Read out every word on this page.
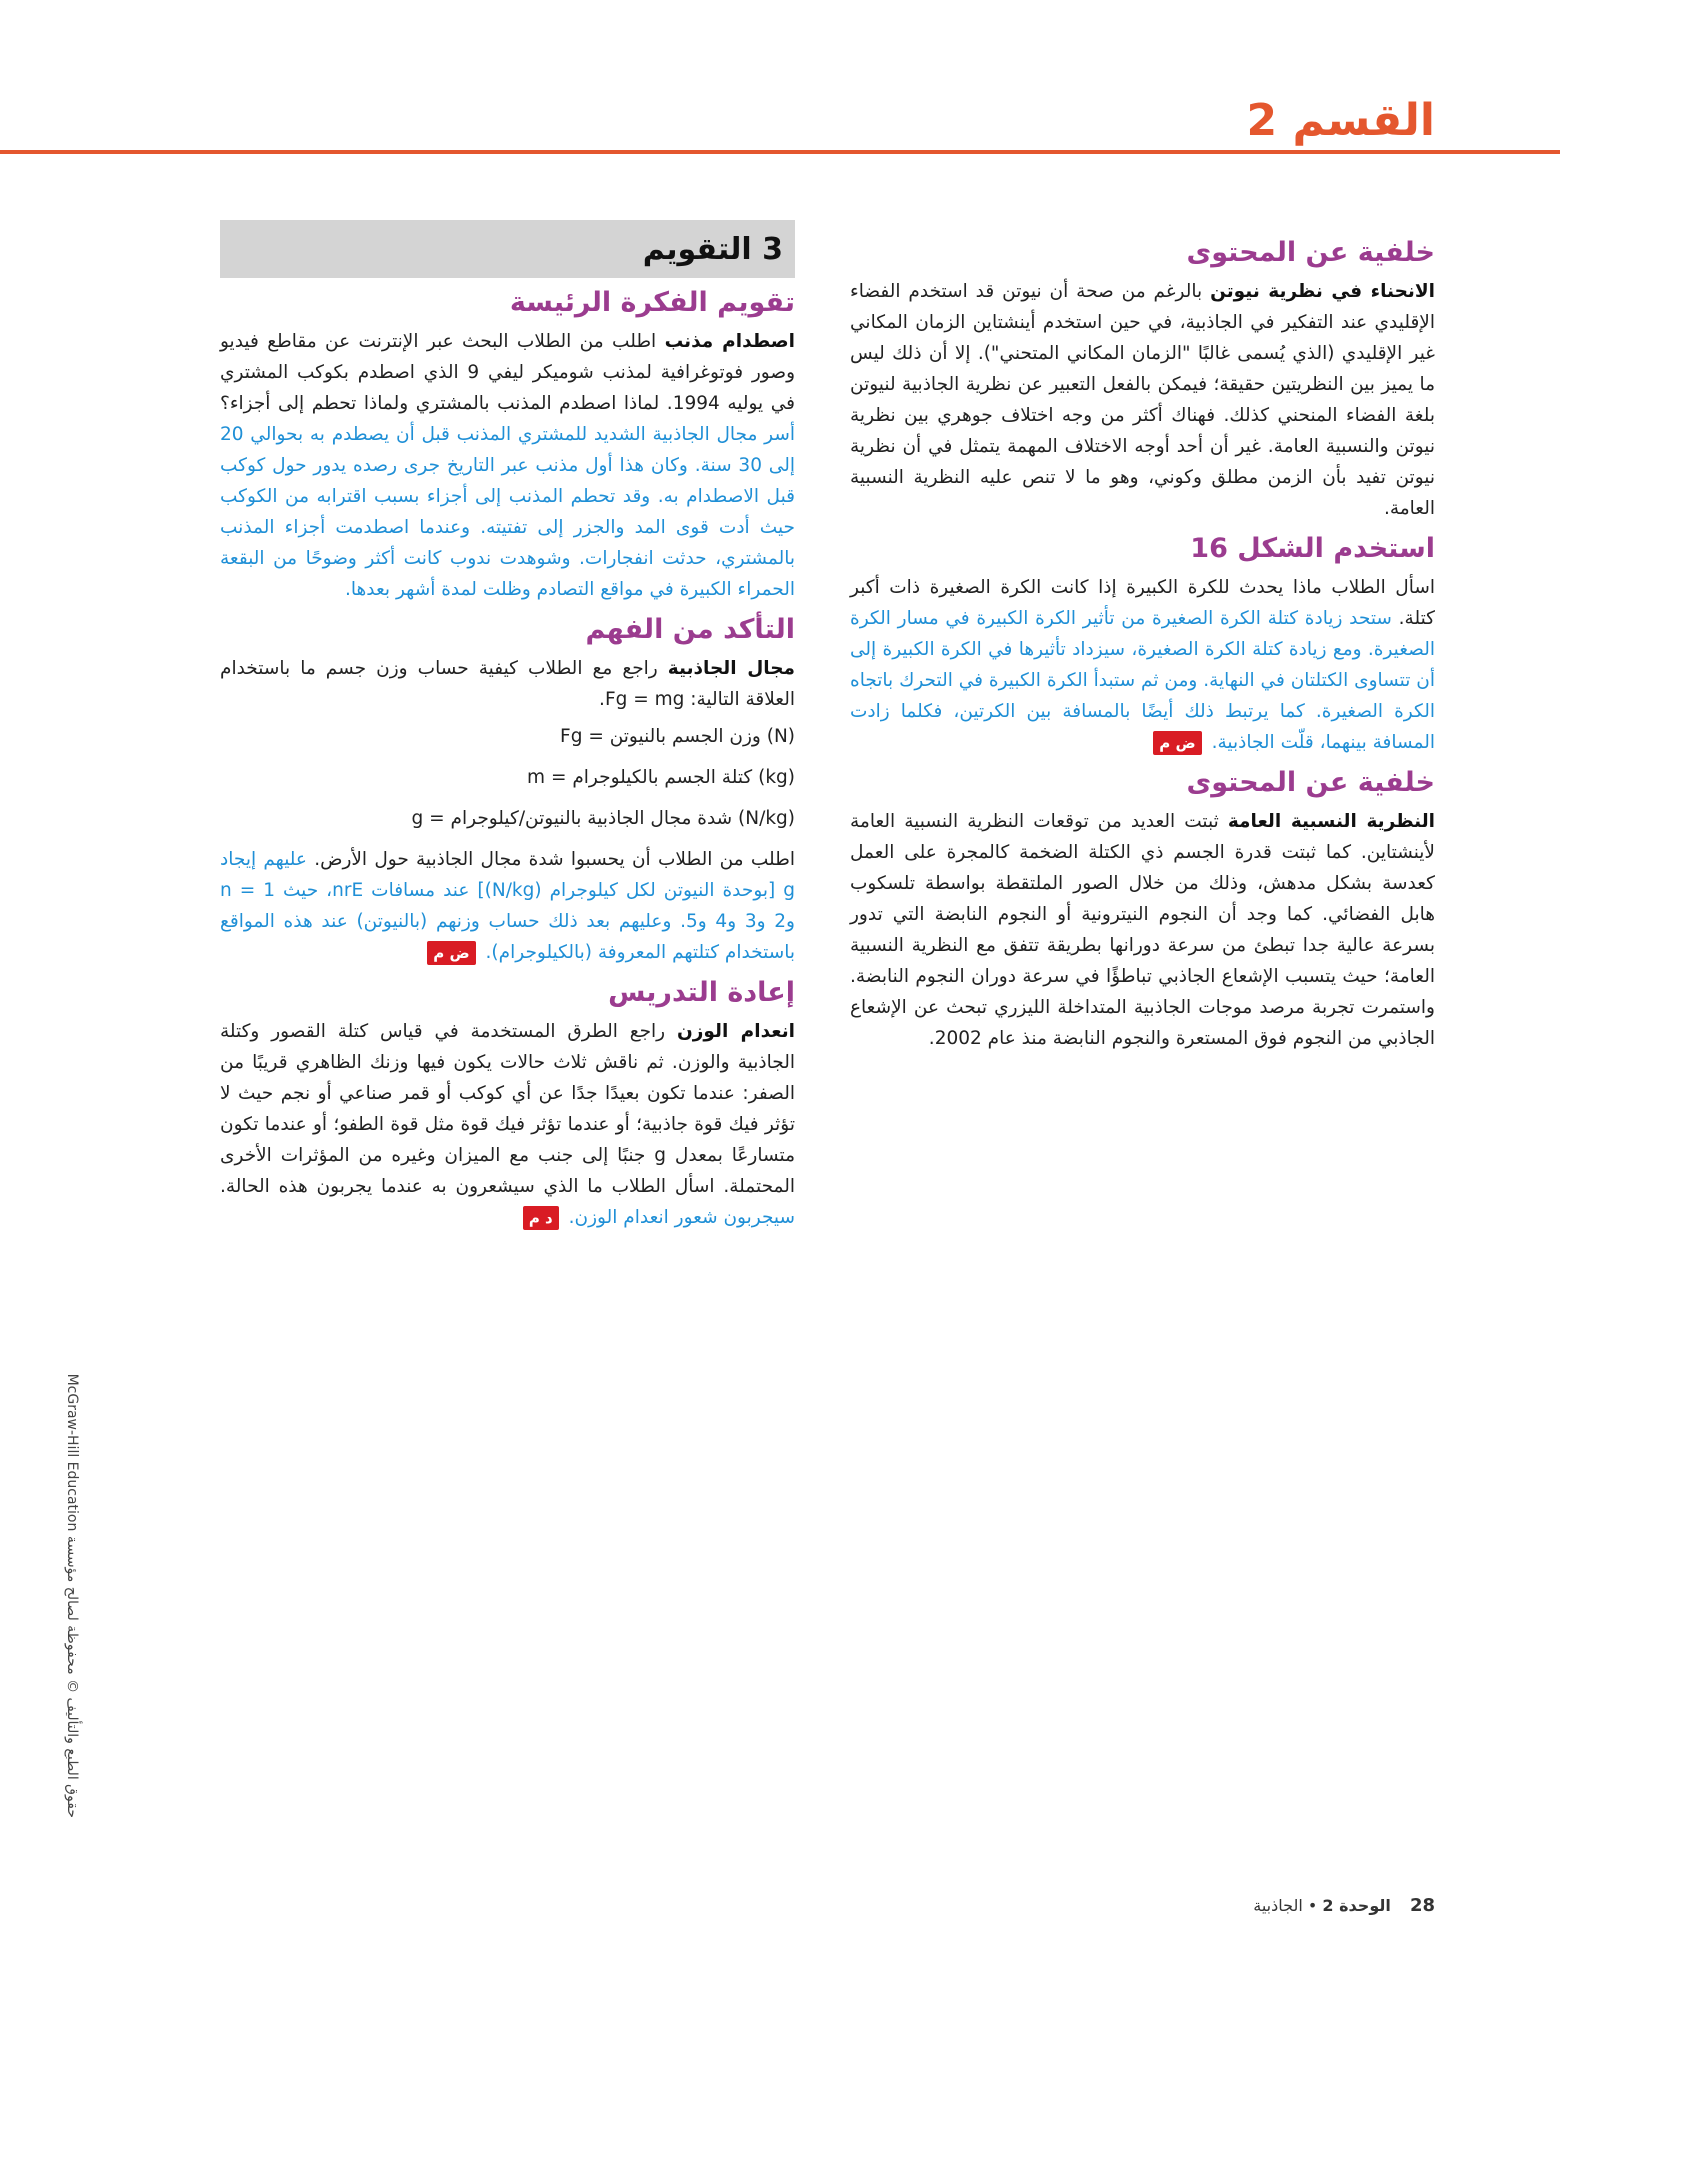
القسم 2
خلفية عن المحتوى

الانحناء في نظرية نيوتن بالرغم من صحة أن نيوتن قد استخدم الفضاء الإقليدي عند التفكير في الجاذبية، في حين استخدم أينشتاين الزمان المكاني غير الإقليدي (الذي يُسمى غالبًا "الزمان المكاني المتحني"). إلا أن ذلك ليس ما يميز بين النظريتين حقيقة؛ فيمكن بالفعل التعبير عن نظرية الجاذبية لنيوتن بلغة الفضاء المنحني كذلك. فهناك أكثر من وجه اختلاف جوهري بين نظرية نيوتن والنسبية العامة. غير أن أحد أوجه الاختلاف المهمة يتمثل في أن نظرية نيوتن تفيد بأن الزمن مطلق وكوني، وهو ما لا تنص عليه النظرية النسبية العامة.

استخدم الشكل 16

اسأل الطلاب ماذا يحدث للكرة الكبيرة إذا كانت الكرة الصغيرة ذات أكبر كتلة. ستحد زيادة كتلة الكرة الصغيرة من تأثير الكرة الكبيرة في مسار الكرة الصغيرة. ومع زيادة كتلة الكرة الصغيرة، سيزداد تأثيرها في الكرة الكبيرة إلى أن تتساوى الكتلتان في النهاية. ومن ثم ستبدأ الكرة الكبيرة في التحرك باتجاه الكرة الصغيرة. كما يرتبط ذلك أيضًا بالمسافة بين الكرتين، فكلما زادت المسافة بينهما، قلّت الجاذبية. ض م

خلفية عن المحتوى

النظرية النسبية العامة ثبتت العديد من توقعات النظرية النسبية العامة لأينشتاين. كما ثبتت قدرة الجسم ذي الكتلة الضخمة كالمجرة على العمل كعدسة بشكل مدهش، وذلك من خلال الصور الملتقطة بواسطة تلسكوب هابل الفضائي. كما وجد أن النجوم النيترونية أو النجوم النابضة التي تدور بسرعة عالية جدا تبطئ من سرعة دورانها بطريقة تتفق مع النظرية النسبية العامة؛ حيث يتسبب الإشعاع الجاذبي تباطؤًا في سرعة دوران النجوم النابضة. واستمرت تجربة مرصد موجات الجاذبية المتداخلة الليزري تبحث عن الإشعاع الجاذبي من النجوم فوق المستعرة والنجوم النابضة منذ عام 2002.

3 التقويم
تقويم الفكرة الرئيسة

اصطدام مذنب اطلب من الطلاب البحث عبر الإنترنت عن مقاطع فيديو وصور فوتوغرافية لمذنب شوميكر ليفي 9 الذي اصطدم بكوكب المشتري في يوليه 1994. لماذا اصطدم المذنب بالمشتري ولماذا تحطم إلى أجزاء؟ أسر مجال الجاذبية الشديد للمشتري المذنب قبل أن يصطدم به بحوالي 20 إلى 30 سنة. وكان هذا أول مذنب عبر التاريخ جرى رصده يدور حول كوكب قبل الاصطدام به. وقد تحطم المذنب إلى أجزاء بسبب اقترابه من الكوكب حيث أدت قوى المد والجزر إلى تفتيته. وعندما اصطدمت أجزاء المذنب بالمشتري، حدثت انفجارات. وشوهدت ندوب كانت أكثر وضوحًا من البقعة الحمراء الكبيرة في مواقع التصادم وظلت لمدة أشهر بعدها.

التأكد من الفهم

مجال الجاذبية راجع مع الطلاب كيفية حساب وزن جسم ما باستخدام العلاقة التالية: Fg = mg.

(N) وزن الجسم بالنيوتن = Fg

(kg) كتلة الجسم بالكيلوجرام = m

(N/kg) شدة مجال الجاذبية بالنيوتن/كيلوجرام = g

اطلب من الطلاب أن يحسبوا شدة مجال الجاذبية حول الأرض. عليهم إيجاد g [بوحدة النيوتن لكل كيلوجرام (N/kg)] عند مسافات nrE، حيث n = 1 و2 و3 و4 و5. وعليهم بعد ذلك حساب وزنهم (بالنيوتن) عند هذه المواقع باستخدام كتلتهم المعروفة (بالكيلوجرام). ض م

إعادة التدريس

انعدام الوزن راجع الطرق المستخدمة في قياس كتلة القصور وكتلة الجاذبية والوزن. ثم ناقش ثلاث حالات يكون فيها وزنك الظاهري قريبًا من الصفر: عندما تكون بعيدًا جدًا عن أي كوكب أو قمر صناعي أو نجم حيث لا تؤثر فيك قوة جاذبية؛ أو عندما تؤثر فيك قوة مثل قوة الطفو؛ أو عندما تكون متسارعًا بمعدل g جنبًا إلى جنب مع الميزان وغيره من المؤثرات الأخرى المحتملة. اسأل الطلاب ما الذي سيشعرون به عندما يجربون هذه الحالة. سيجربون شعور انعدام الوزن. د م

حقوق الطبع والتأليف © محفوظة لصالح مؤسسة McGraw-Hill Education
28 الوحدة 2 • الجاذبية
